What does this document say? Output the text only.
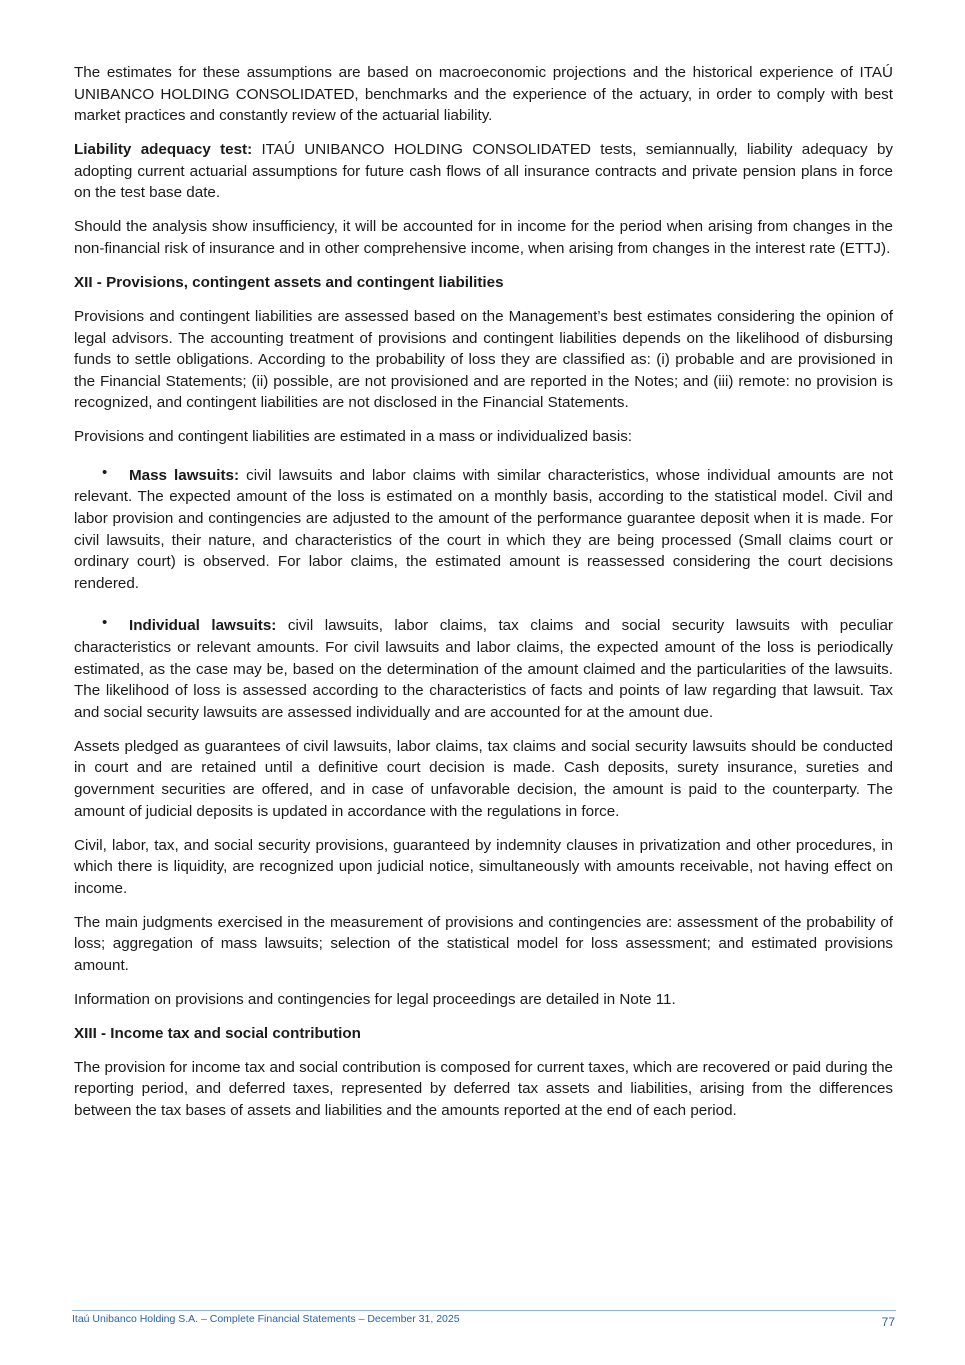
The estimates for these assumptions are based on macroeconomic projections and the historical experience of ITAÚ UNIBANCO HOLDING CONSOLIDATED, benchmarks and the experience of the actuary, in order to comply with best market practices and constantly review of the actuarial liability.

Liability adequacy test: ITAÚ UNIBANCO HOLDING CONSOLIDATED tests, semiannually, liability adequacy by adopting current actuarial assumptions for future cash flows of all insurance contracts and private pension plans in force on the test base date.

Should the analysis show insufficiency, it will be accounted for in income for the period when arising from changes in the non-financial risk of insurance and in other comprehensive income, when arising from changes in the interest rate (ETTJ).

XII - Provisions, contingent assets and contingent liabilities

Provisions and contingent liabilities are assessed based on the Management’s best estimates considering the opinion of legal advisors. The accounting treatment of provisions and contingent liabilities depends on the likelihood of disbursing funds to settle obligations. According to the probability of loss they are classified as: (i) probable and are provisioned in the Financial Statements; (ii) possible, are not provisioned and are reported in the Notes; and (iii) remote: no provision is recognized, and contingent liabilities are not disclosed in the Financial Statements.

Provisions and contingent liabilities are estimated in a mass or individualized basis:

• Mass lawsuits: civil lawsuits and labor claims with similar characteristics, whose individual amounts are not relevant. The expected amount of the loss is estimated on a monthly basis, according to the statistical model. Civil and labor provision and contingencies are adjusted to the amount of the performance guarantee deposit when it is made. For civil lawsuits, their nature, and characteristics of the court in which they are being processed (Small claims court or ordinary court) is observed. For labor claims, the estimated amount is reassessed considering the court decisions rendered.

• Individual lawsuits: civil lawsuits, labor claims, tax claims and social security lawsuits with peculiar characteristics or relevant amounts. For civil lawsuits and labor claims, the expected amount of the loss is periodically estimated, as the case may be, based on the determination of the amount claimed and the particularities of the lawsuits. The likelihood of loss is assessed according to the characteristics of facts and points of law regarding that lawsuit. Tax and social security lawsuits are assessed individually and are accounted for at the amount due.

Assets pledged as guarantees of civil lawsuits, labor claims, tax claims and social security lawsuits should be conducted in court and are retained until a definitive court decision is made. Cash deposits, surety insurance, sureties and government securities are offered, and in case of unfavorable decision, the amount is paid to the counterparty. The amount of judicial deposits is updated in accordance with the regulations in force.

Civil, labor, tax, and social security provisions, guaranteed by indemnity clauses in privatization and other procedures, in which there is liquidity, are recognized upon judicial notice, simultaneously with amounts receivable, not having effect on income.

The main judgments exercised in the measurement of provisions and contingencies are: assessment of the probability of loss; aggregation of mass lawsuits; selection of the statistical model for loss assessment; and estimated provisions amount.

Information on provisions and contingencies for legal proceedings are detailed in Note 11.

XIII - Income tax and social contribution

The provision for income tax and social contribution is composed for current taxes, which are recovered or paid during the reporting period, and deferred taxes, represented by deferred tax assets and liabilities, arising from the differences between the tax bases of assets and liabilities and the amounts reported at the end of each period.

Itaú Unibanco Holding S.A. – Complete Financial Statements – December 31, 2025	77
